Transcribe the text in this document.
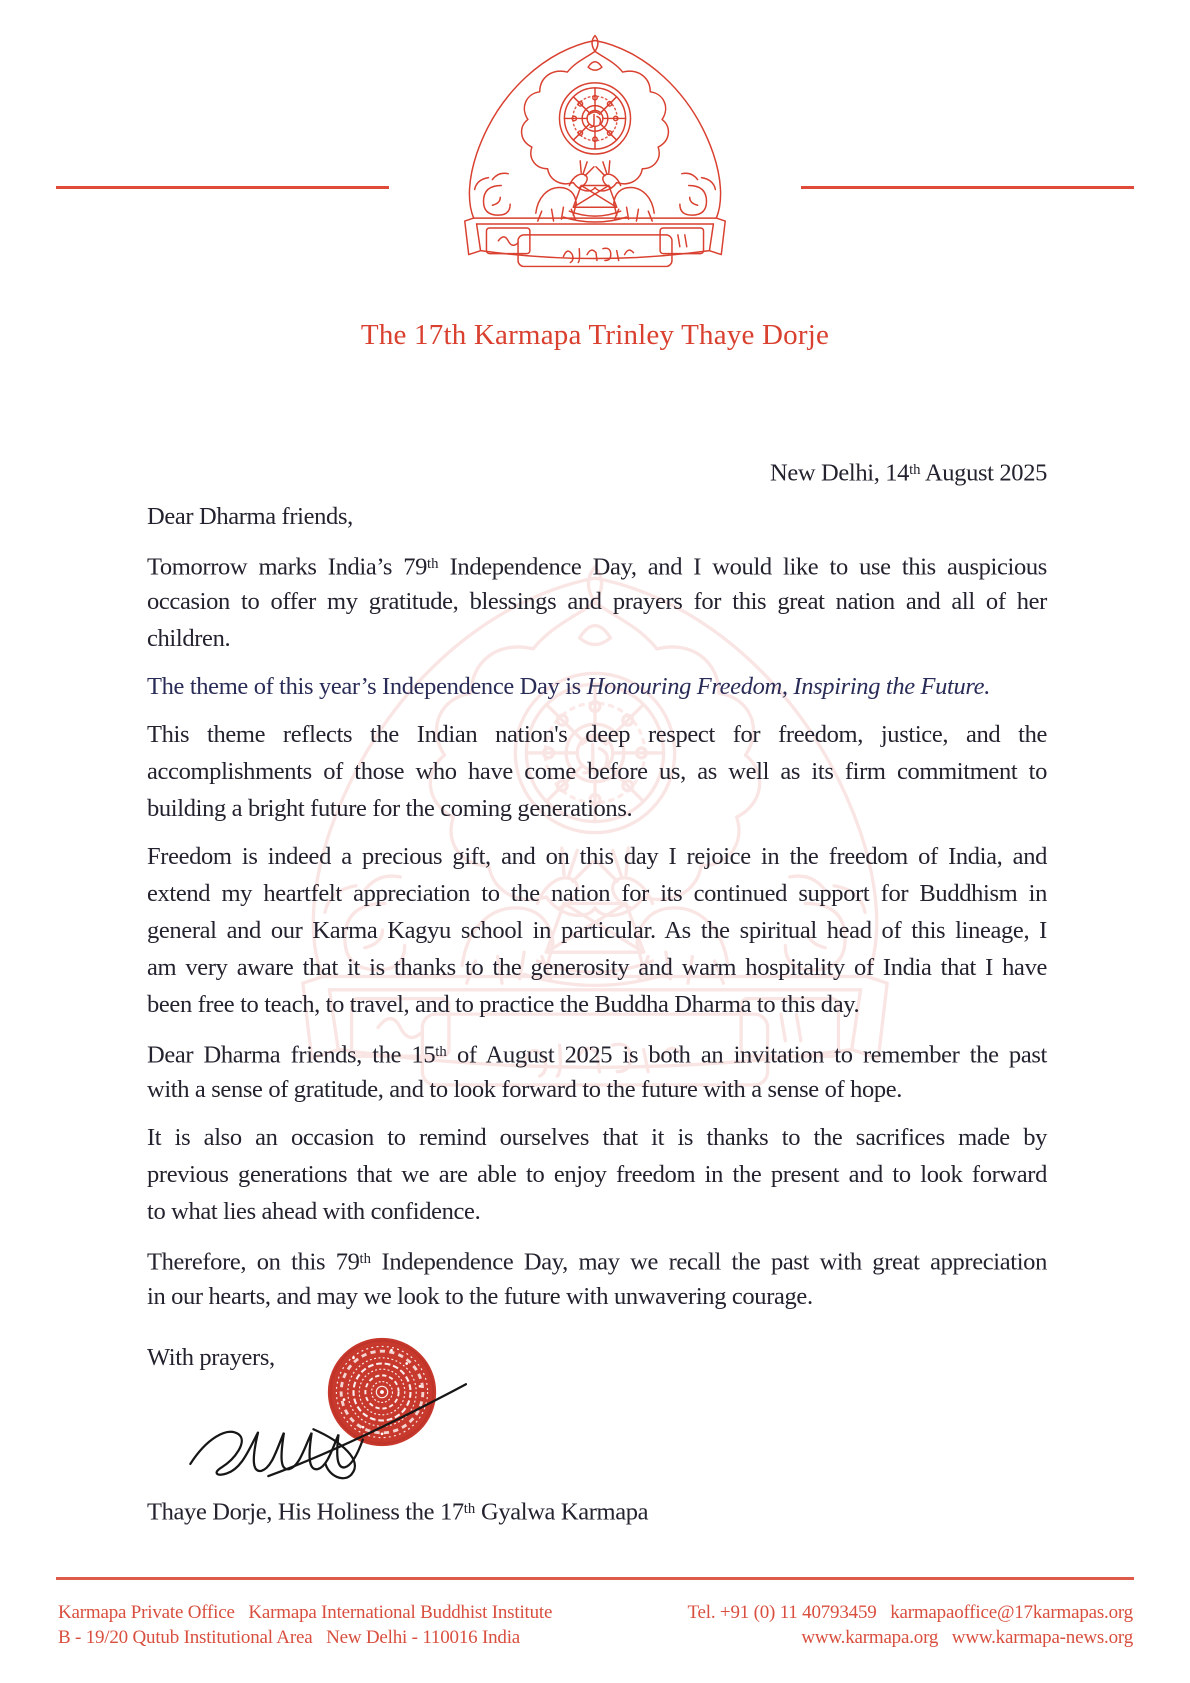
The 17th Karmapa Trinley Thaye Dorje
New Delhi, 14th August 2025
Dear Dharma friends,
Tomorrow marks India’s 79th Independence Day, and I would like to use this auspicious
occasion to offer my gratitude, blessings and prayers for this great nation and all of her
children.
The theme of this year’s Independence Day is Honouring Freedom, Inspiring the Future.
This theme reflects the Indian nation's deep respect for freedom, justice, and the
accomplishments of those who have come before us, as well as its firm commitment to
building a bright future for the coming generations.
Freedom is indeed a precious gift, and on this day I rejoice in the freedom of India, and
extend my heartfelt appreciation to the nation for its continued support for Buddhism in
general and our Karma Kagyu school in particular. As the spiritual head of this lineage, I
am very aware that it is thanks to the generosity and warm hospitality of India that I have
been free to teach, to travel, and to practice the Buddha Dharma to this day.
Dear Dharma friends, the 15th of August 2025 is both an invitation to remember the past
with a sense of gratitude, and to look forward to the future with a sense of hope.
It is also an occasion to remind ourselves that it is thanks to the sacrifices made by
previous generations that we are able to enjoy freedom in the present and to look forward
to what lies ahead with confidence.
Therefore, on this 79th Independence Day, may we recall the past with great appreciation
in our hearts, and may we look to the future with unwavering courage.
With prayers,
Thaye Dorje, His Holiness the 17th Gyalwa Karmapa
Karmapa Private Office   Karmapa International Buddhist Institute
B - 19/20 Qutub Institutional Area   New Delhi - 110016 India
Tel. +91 (0) 11 40793459   karmapaoffice@17karmapas.org
www.karmapa.org   www.karmapa-news.org
